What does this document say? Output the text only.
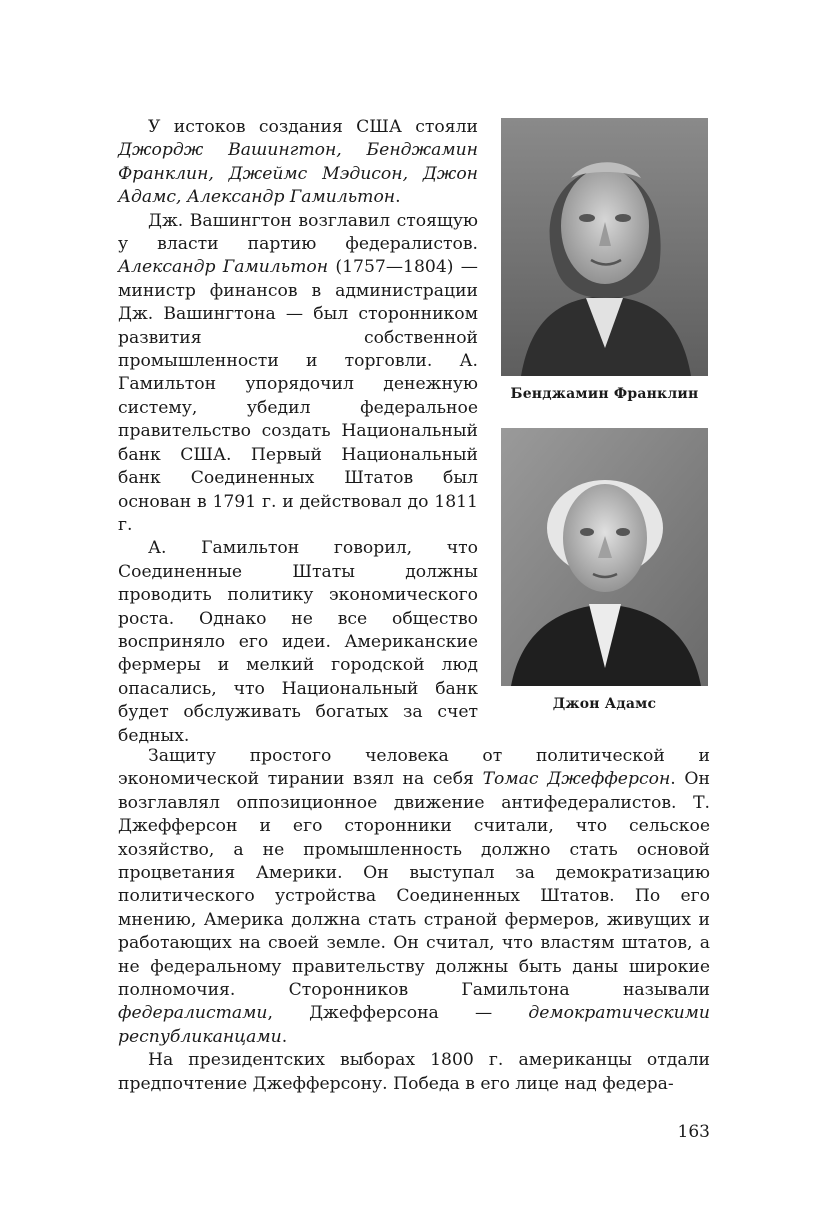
У истоков создания США стояли Джордж Вашингтон, Бенджамин Франклин, Джеймс Мэдисон, Джон Адамс, Александр Гамильтон.

Дж. Вашингтон возглавил стоящую у власти партию федералистов. Александр Гамильтон (1757—1804) — министр финансов в администрации Дж. Вашингтона — был сторонником развития собственной промышленности и торговли. А. Гамильтон упорядочил денежную систему, убедил федеральное правительство создать Национальный банк США. Первый Национальный банк Соединенных Штатов был основан в 1791 г. и действовал до 1811 г.

А. Гамильтон говорил, что Соединенные Штаты должны проводить политику экономического роста. Однако не все общество восприняло его идеи. Американские фермеры и мелкий городской люд опасались, что Национальный банк будет обслуживать богатых за счет бедных.

Бенджамин Франклин
Джон Адамс

Защиту простого человека от политической и экономической тирании взял на себя Томас Джефферсон. Он возглавлял оппозиционное движение антифедералистов. Т. Джефферсон и его сторонники считали, что сельское хозяйство, а не промышленность должно стать основой процветания Америки. Он выступал за демократизацию политического устройства Соединенных Штатов. По его мнению, Америка должна стать страной фермеров, живущих и работающих на своей земле. Он считал, что властям штатов, а не федеральному правительству должны быть даны широкие полномочия. Сторонников Гамильтона называли федералистами, Джефферсона — демократическими республиканцами.

На президентских выборах 1800 г. американцы отдали предпочтение Джефферсону. Победа в его лице над федера-

163
